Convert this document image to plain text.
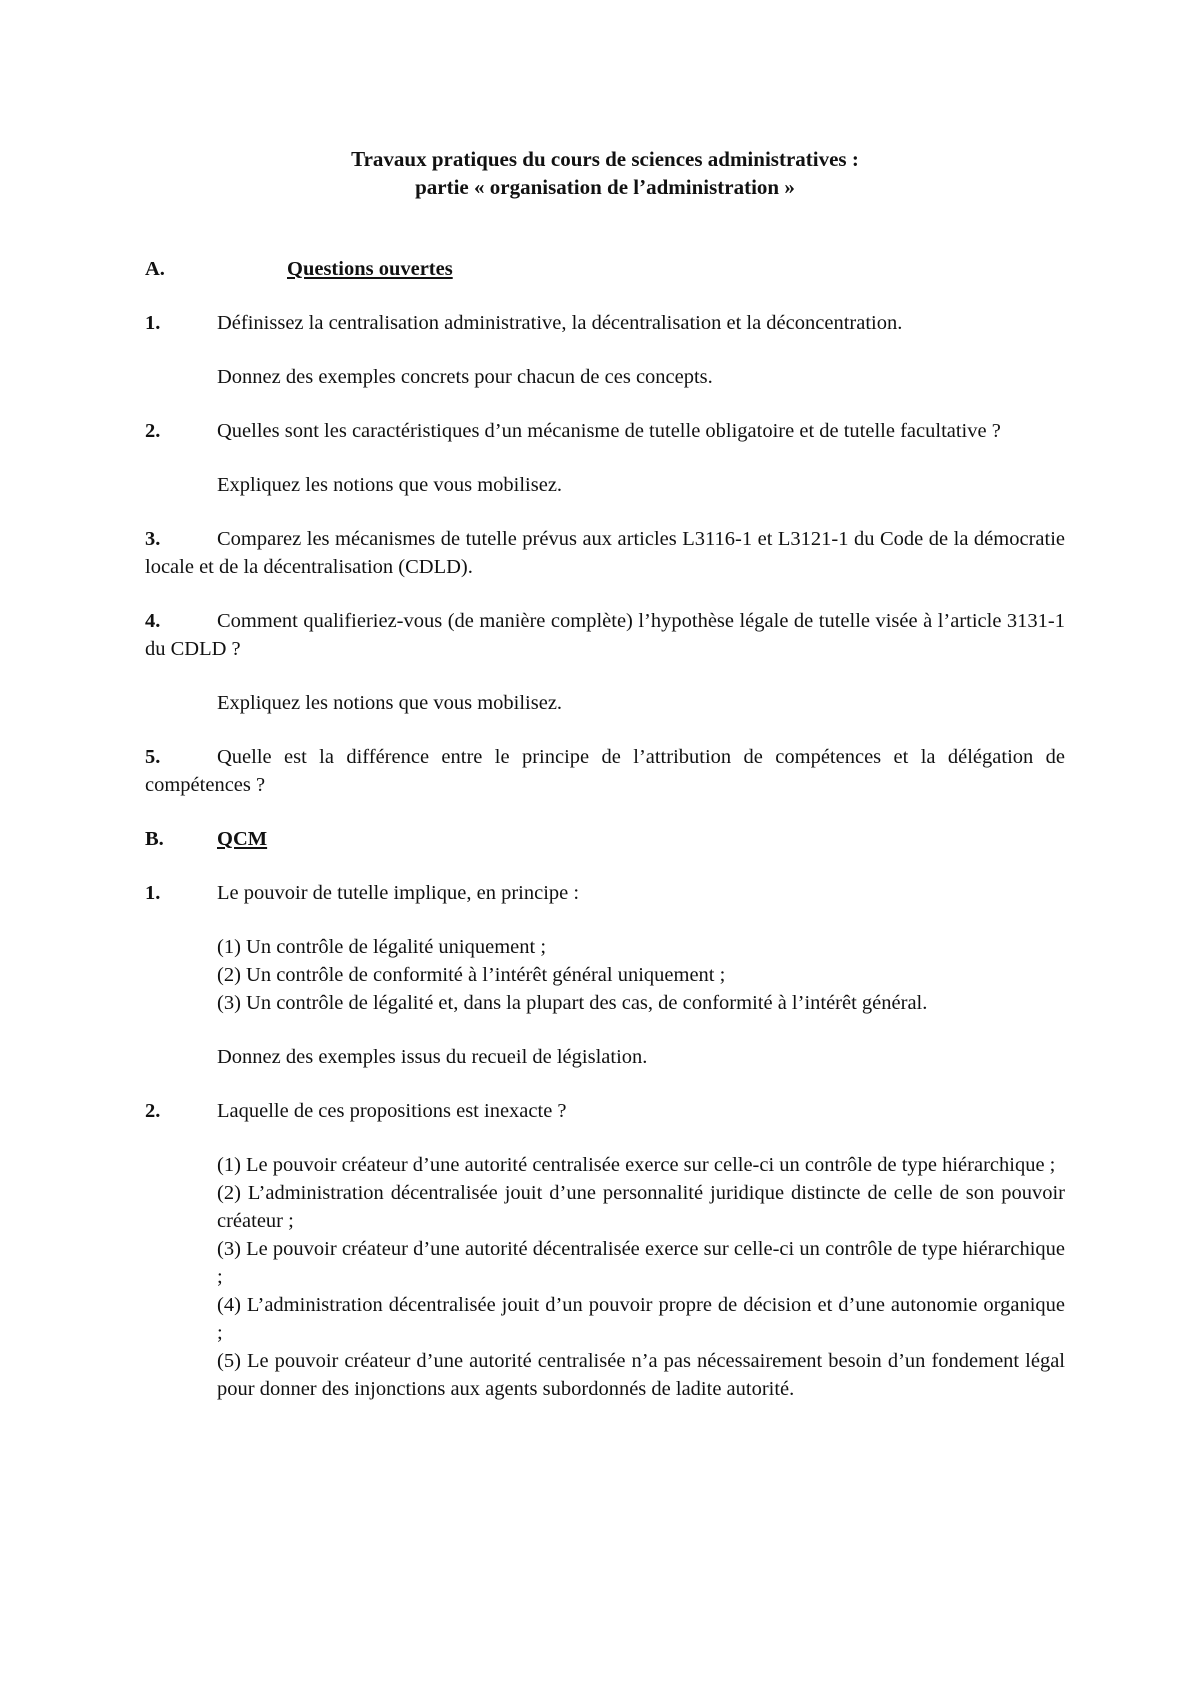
Travaux pratiques du cours de sciences administratives :
partie « organisation de l’administration »
A.	Questions ouvertes
1.	Définissez la centralisation administrative, la décentralisation et la déconcentration.
Donnez des exemples concrets pour chacun de ces concepts.
2.	Quelles sont les caractéristiques d’un mécanisme de tutelle obligatoire et de tutelle facultative ?
Expliquez les notions que vous mobilisez.
3.	Comparez les mécanismes de tutelle prévus aux articles L3116-1 et L3121-1 du Code de la démocratie locale et de la décentralisation (CDLD).
4.	Comment qualifieriez-vous (de manière complète) l’hypothèse légale de tutelle visée à l’article 3131-1 du CDLD ?
Expliquez les notions que vous mobilisez.
5.	Quelle est la différence entre le principe de l’attribution de compétences et la délégation de compétences ?
B.	QCM
1.	Le pouvoir de tutelle implique, en principe :
(1) Un contrôle de légalité uniquement ;
(2) Un contrôle de conformité à l’intérêt général uniquement ;
(3) Un contrôle de légalité et, dans la plupart des cas, de conformité à l’intérêt général.
Donnez des exemples issus du recueil de législation.
2.	Laquelle de ces propositions est inexacte ?
(1) Le pouvoir créateur d’une autorité centralisée exerce sur celle-ci un contrôle de type hiérarchique ;
(2) L’administration décentralisée jouit d’une personnalité juridique distincte de celle de son pouvoir créateur ;
(3) Le pouvoir créateur d’une autorité décentralisée exerce sur celle-ci un contrôle de type hiérarchique ;
(4) L’administration décentralisée jouit d’un pouvoir propre de décision et d’une autonomie organique ;
(5) Le pouvoir créateur d’une autorité centralisée n’a pas nécessairement besoin d’un fondement légal pour donner des injonctions aux agents subordonnés de ladite autorité.
